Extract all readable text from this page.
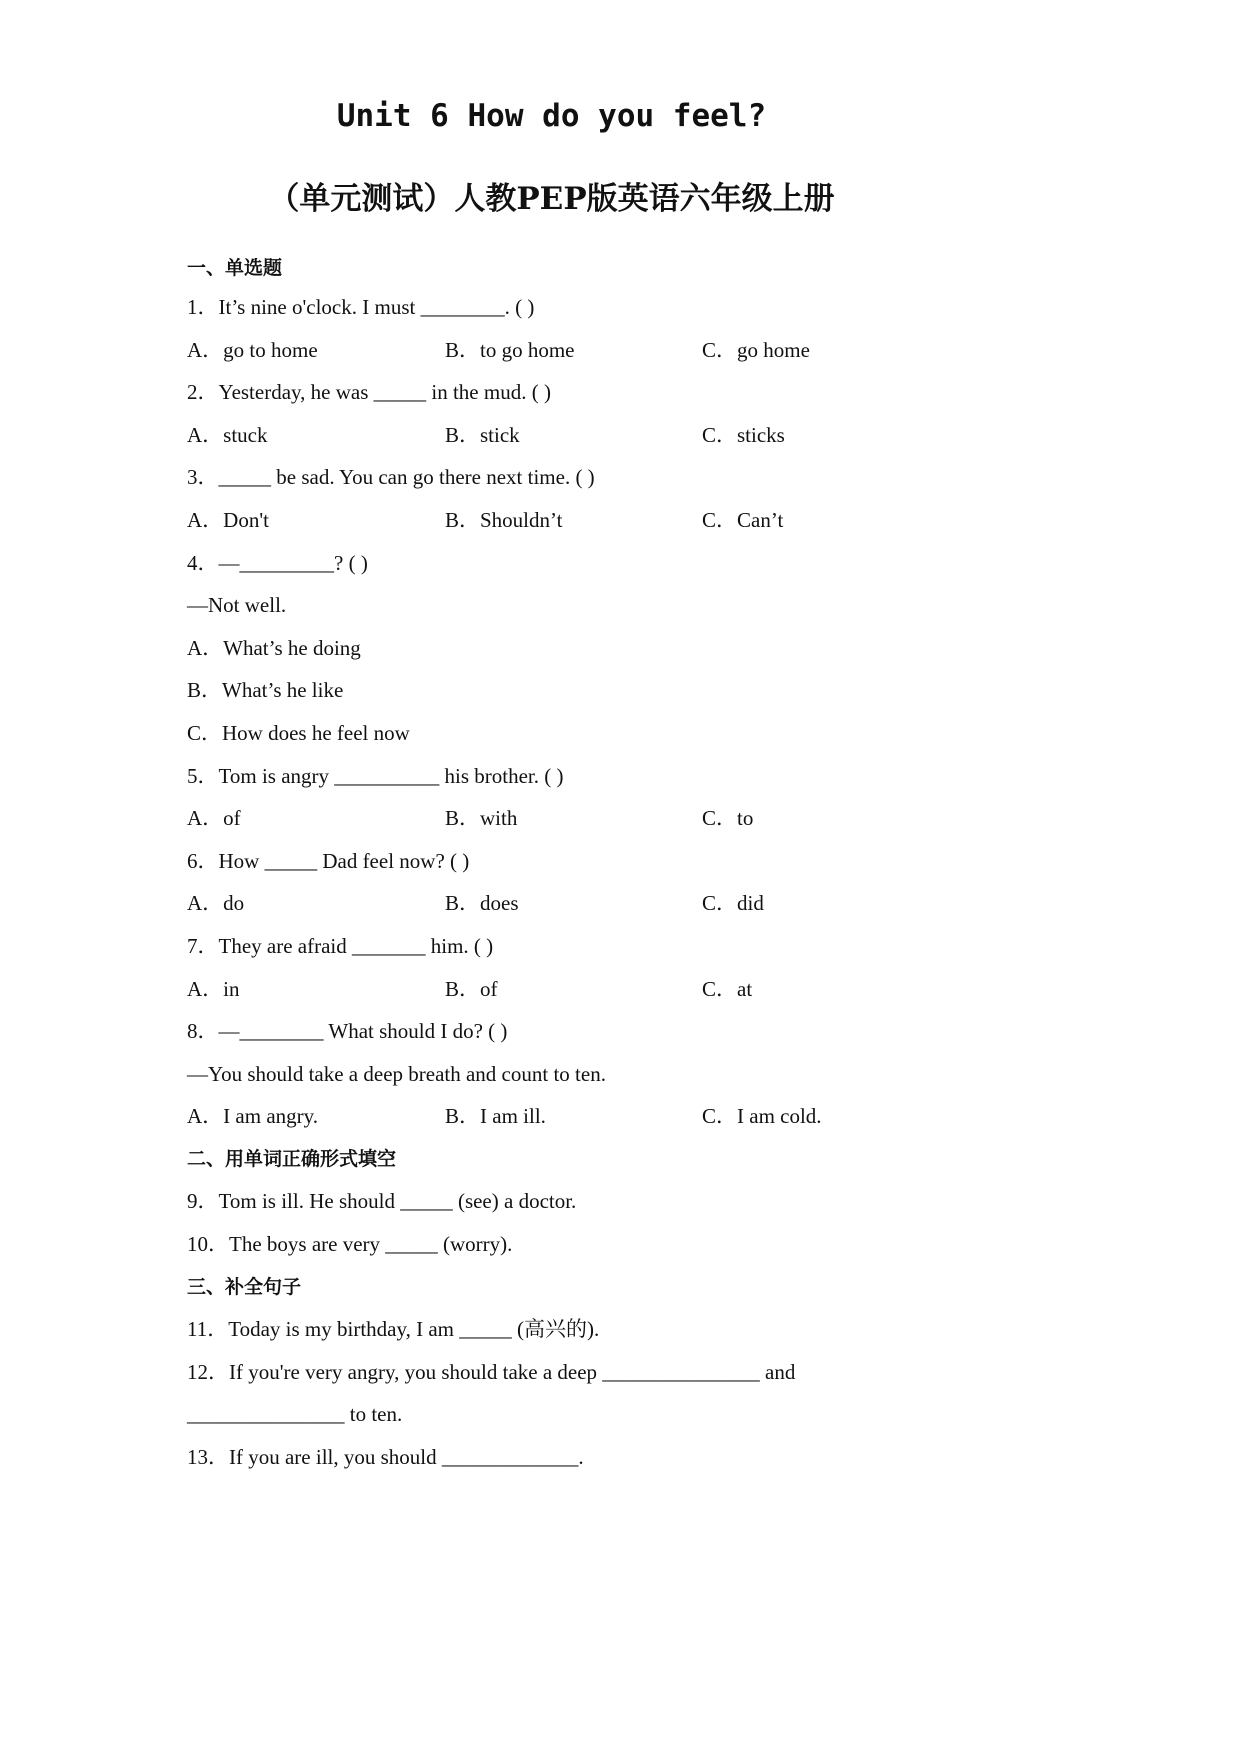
Unit 6 How do you feel?
（单元测试）人教PEP版英语六年级上册
一、单选题
1．It’s nine o'clock. I must ________. ( )
A．go to home	B．to go home	C．go home
2．Yesterday, he was _____ in the mud. ( )
A．stuck	B．stick	C．sticks
3．_____ be sad. You can go there next time. ( )
A．Don't	B．Shouldn’t	C．Can’t
4．—_________? ( )
—Not well.
A．What’s he doing
B．What’s he like
C．How does he feel now
5．Tom is angry __________ his brother. ( )
A．of	B．with	C．to
6．How _____ Dad feel now? ( )
A．do	B．does	C．did
7．They are afraid _______ him. ( )
A．in	B．of	C．at
8．—________ What should I do? ( )
—You should take a deep breath and count to ten.
A．I am angry.	B．I am ill.	C．I am cold.
二、用单词正确形式填空
9．Tom is ill. He should _____ (see) a doctor.
10．The boys are very _____ (worry).
三、补全句子
11．Today is my birthday, I am _____ (高兴的).
12．If you're very angry, you should take a deep _______________ and
_______________ to ten.
13．If you are ill, you should _____________.
